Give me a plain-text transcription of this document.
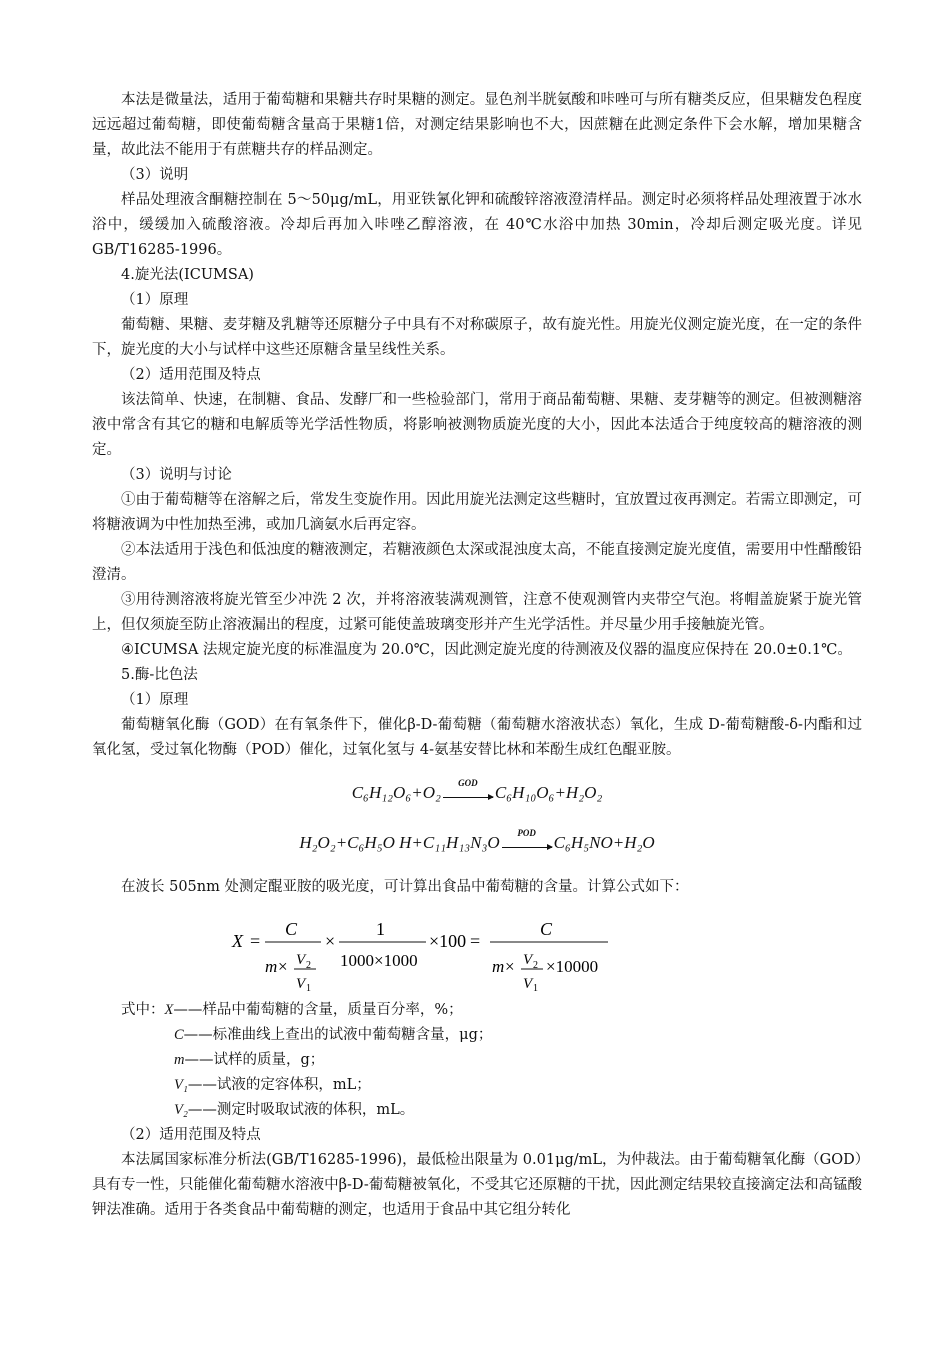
本法是微量法，适用于葡萄糖和果糖共存时果糖的测定。显色剂半胱氨酸和咔唑可与所有糖类反应，但果糖发色程度远远超过葡萄糖，即使葡萄糖含量高于果糖1倍，对测定结果影响也不大，因蔗糖在此测定条件下会水解，增加果糖含量，故此法不能用于有蔗糖共存的样品测定。

（3）说明

样品处理液含酮糖控制在 5～50μg/mL，用亚铁氰化钾和硫酸锌溶液澄清样品。测定时必须将样品处理液置于冰水浴中，缓缓加入硫酸溶液。冷却后再加入咔唑乙醇溶液，在 40℃水浴中加热 30min，冷却后测定吸光度。详见 GB/T16285-1996。

4.旋光法(ICUMSA)

（1）原理

葡萄糖、果糖、麦芽糖及乳糖等还原糖分子中具有不对称碳原子，故有旋光性。用旋光仪测定旋光度，在一定的条件下，旋光度的大小与试样中这些还原糖含量呈线性关系。

（2）适用范围及特点

该法简单、快速，在制糖、食品、发酵厂和一些检验部门，常用于商品葡萄糖、果糖、麦芽糖等的测定。但被测糖溶液中常含有其它的糖和电解质等光学活性物质，将影响被测物质旋光度的大小，因此本法适合于纯度较高的糖溶液的测定。

（3）说明与讨论

①由于葡萄糖等在溶解之后，常发生变旋作用。因此用旋光法测定这些糖时，宜放置过夜再测定。若需立即测定，可将糖液调为中性加热至沸，或加几滴氨水后再定容。

②本法适用于浅色和低浊度的糖液测定，若糖液颜色太深或混浊度太高，不能直接测定旋光度值，需要用中性醋酸铅澄清。

③用待测溶液将旋光管至少冲洗 2 次，并将溶液装满观测管，注意不使观测管内夹带空气泡。将帽盖旋紧于旋光管上，但仅须旋至防止溶液漏出的程度，过紧可能使盖玻璃变形并产生光学活性。并尽量少用手接触旋光管。

④ICUMSA 法规定旋光度的标准温度为 20.0℃，因此测定旋光度的待测液及仪器的温度应保持在 20.0±0.1℃。

5.酶-比色法

（1）原理

葡萄糖氧化酶（GOD）在有氧条件下，催化β-D-葡萄糖（葡萄糖水溶液状态）氧化，生成 D-葡萄糖酸-δ-内酯和过氧化氢，受过氧化物酶（POD）催化，过氧化氢与 4-氨基安替比林和苯酚生成红色醌亚胺。

C₆H₁₂O₆+O₂
GOD
C₆H₁₀O₆+H₂O₂
H₂O₂+C₆H₅O H+C₁₁H₁₃N₃O
POD
C₆H₅NO+H₂O

在波长 505nm 处测定醌亚胺的吸光度，可计算出食品中葡萄糖的含量。计算公式如下：

X =
C
m × V 2
V 1
×
1
1000×1000
×100 =
C
m × V 2
V 1
×10000

式中：X——样品中葡萄糖的含量，质量百分率，%；

C——标准曲线上查出的试液中葡萄糖含量，μg；

m——试样的质量，g；

V₁——试液的定容体积，mL；

V₂——测定时吸取试液的体积，mL。

（2）适用范围及特点

本法属国家标准分析法(GB/T16285-1996)，最低检出限量为 0.01μg/mL，为仲裁法。由于葡萄糖氧化酶（GOD）具有专一性，只能催化葡萄糖水溶液中β-D-葡萄糖被氧化，不受其它还原糖的干扰，因此测定结果较直接滴定法和高锰酸钾法准确。适用于各类食品中葡萄糖的测定，也适用于食品中其它组分转化
